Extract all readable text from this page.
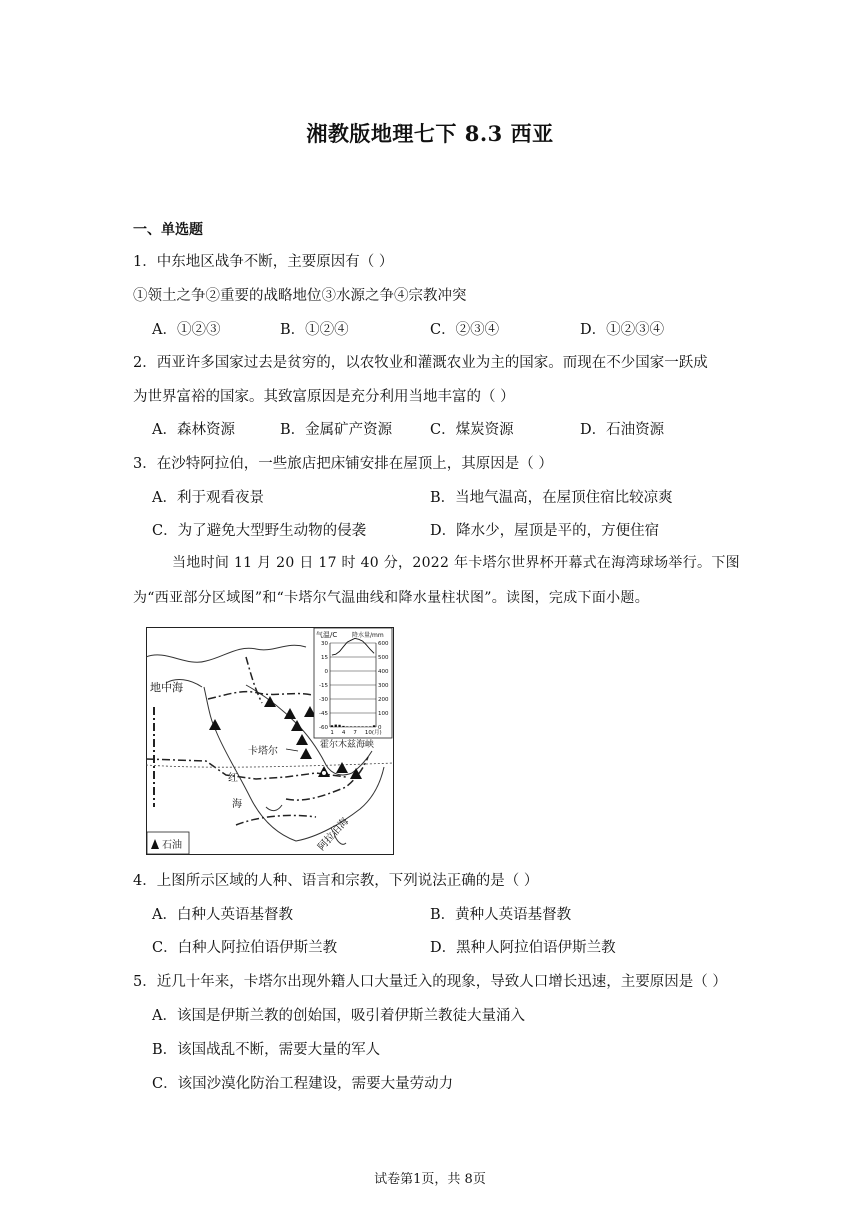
湘教版地理七下 8.3 西亚
一、单选题
1．中东地区战争不断，主要原因有（ ）
①领土之争②重要的战略地位③水源之争④宗教冲突
A．①②③	B．①②④	C．②③④	D．①②③④
2．西亚许多国家过去是贫穷的，以农牧业和灌溉农业为主的国家。而现在不少国家一跃成
为世界富裕的国家。其致富原因是充分利用当地丰富的（ ）
A．森林资源	B．金属矿产资源	C．煤炭资源	D．石油资源
3．在沙特阿拉伯，一些旅店把床铺安排在屋顶上，其原因是（ ）
A．利于观看夜景	B．当地气温高，在屋顶住宿比较凉爽
C．为了避免大型野生动物的侵袭	D．降水少，屋顶是平的，方便住宿
当地时间 11 月 20 日 17 时 40 分，2022 年卡塔尔世界杯开幕式在海湾球场举行。下图
为“西亚部分区域图”和“卡塔尔气温曲线和降水量柱状图”。读图，完成下面小题。
地中海
卡塔尔
霍尔木兹海峡
红
海
阿拉伯海
石油
气温/C 降水量/mm
30
15
0
-15
-30
-45
-60
600
500
400
300
200
100
0
1 4 7 10(月)
4．上图所示区域的人种、语言和宗教，下列说法正确的是（ ）
A．白种人英语基督教	B．黄种人英语基督教
C．白种人阿拉伯语伊斯兰教	D．黑种人阿拉伯语伊斯兰教
5．近几十年来，卡塔尔出现外籍人口大量迁入的现象，导致人口增长迅速，主要原因是（ ）
A．该国是伊斯兰教的创始国，吸引着伊斯兰教徒大量涌入
B．该国战乱不断，需要大量的军人
C．该国沙漠化防治工程建设，需要大量劳动力
试卷第1页，共 8页
